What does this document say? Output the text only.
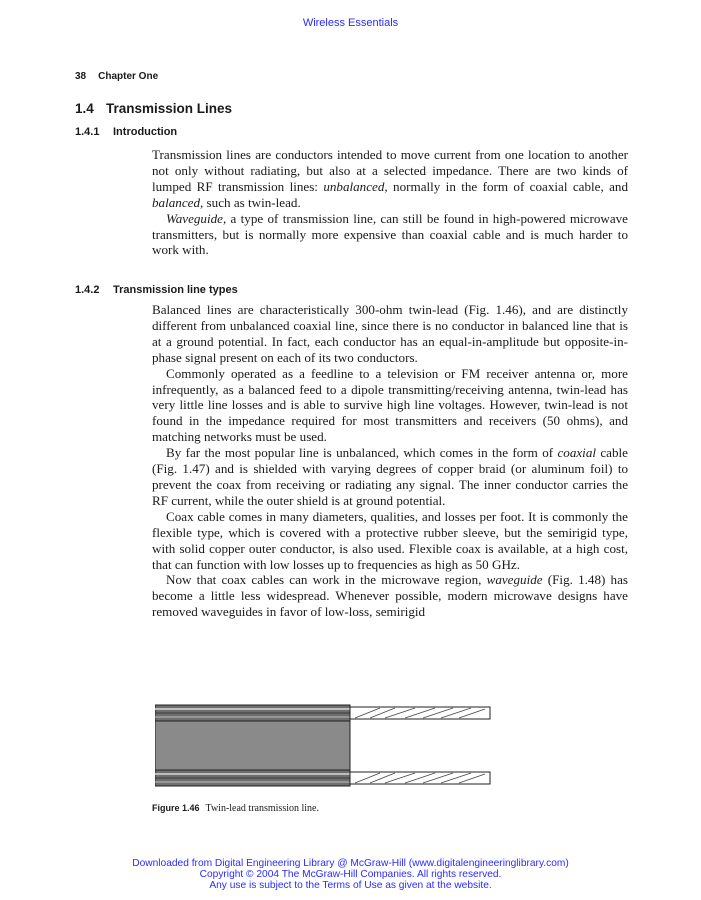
Wireless Essentials
38 Chapter One
1.4 Transmission Lines
1.4.1 Introduction

Transmission lines are conductors intended to move current from one location to another not only without radiating, but also at a selected impedance. There are two kinds of lumped RF transmission lines: unbalanced, normally in the form of coaxial cable, and balanced, such as twin-lead.

Waveguide, a type of transmission line, can still be found in high-powered microwave transmitters, but is normally more expensive than coaxial cable and is much harder to work with.

1.4.2 Transmission line types

Balanced lines are characteristically 300-ohm twin-lead (Fig. 1.46), and are distinctly different from unbalanced coaxial line, since there is no conductor in balanced line that is at a ground potential. In fact, each conductor has an equal-in-amplitude but opposite-in-phase signal present on each of its two conductors.

Commonly operated as a feedline to a television or FM receiver antenna or, more infrequently, as a balanced feed to a dipole transmitting/receiving antenna, twin-lead has very little line losses and is able to survive high line voltages. However, twin-lead is not found in the impedance required for most transmitters and receivers (50 ohms), and matching networks must be used.

By far the most popular line is unbalanced, which comes in the form of coaxial cable (Fig. 1.47) and is shielded with varying degrees of copper braid (or aluminum foil) to prevent the coax from receiving or radiating any signal. The inner conductor carries the RF current, while the outer shield is at ground potential.

Coax cable comes in many diameters, qualities, and losses per foot. It is commonly the flexible type, which is covered with a protective rubber sleeve, but the semirigid type, with solid copper outer conductor, is also used. Flexible coax is available, at a high cost, that can function with low losses up to frequencies as high as 50 GHz.

Now that coax cables can work in the microwave region, waveguide (Fig. 1.48) has become a little less widespread. Whenever possible, modern microwave designs have removed waveguides in favor of low-loss, semirigid

Figure 1.46 Twin-lead transmission line.
Downloaded from Digital Engineering Library @ McGraw-Hill (www.digitalengineeringlibrary.com)
Copyright © 2004 The McGraw-Hill Companies. All rights reserved.
Any use is subject to the Terms of Use as given at the website.
